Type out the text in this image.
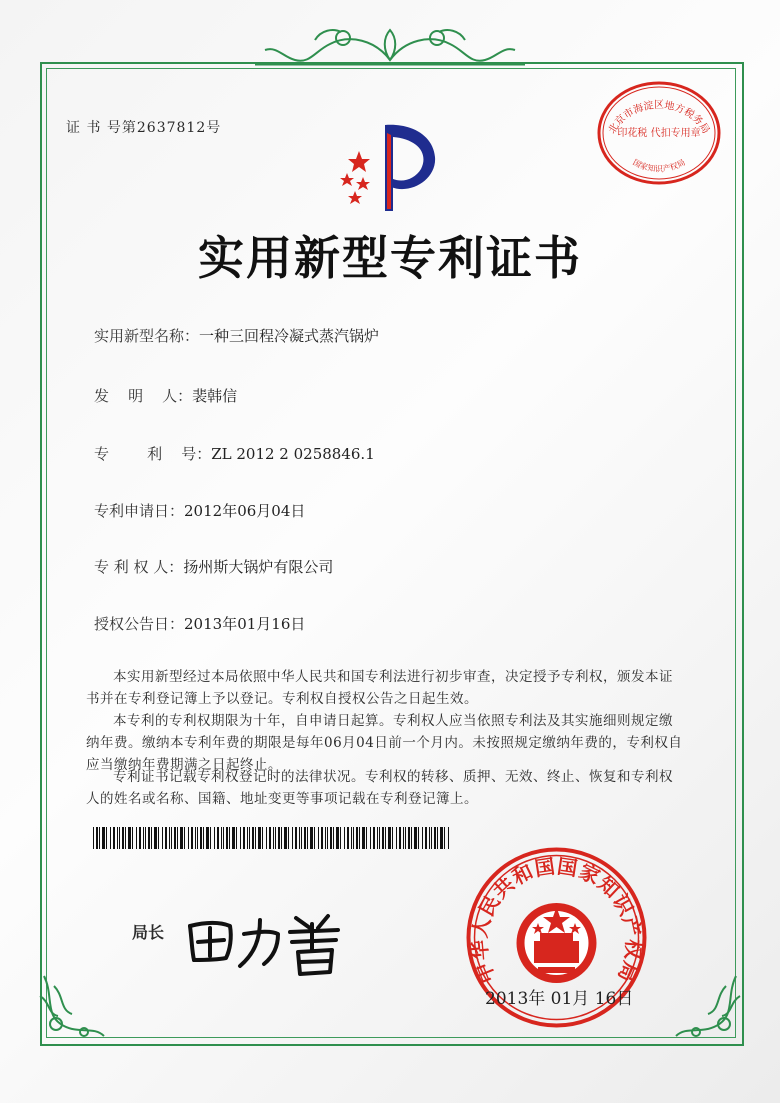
证 书 号第2637812号
实用新型专利证书
北京市海淀区地方税务局
印花税 代扣专用章
国家知识产权局
实用新型名称：一种三回程冷凝式蒸汽锅炉
发    明    人：裴韩信
专        利    号：ZL 2012 2 0258846.1
专利申请日：2012年06月04日
专 利 权 人：扬州斯大锅炉有限公司
授权公告日：2013年01月16日
本实用新型经过本局依照中华人民共和国专利法进行初步审查，决定授予专利权，颁发本证书并在专利登记簿上予以登记。专利权自授权公告之日起生效。
本专利的专利权期限为十年，自申请日起算。专利权人应当依照专利法及其实施细则规定缴纳年费。缴纳本专利年费的期限是每年06月04日前一个月内。未按照规定缴纳年费的，专利权自应当缴纳年费期满之日起终止。
专利证书记载专利权登记时的法律状况。专利权的转移、质押、无效、终止、恢复和专利权人的姓名或名称、国籍、地址变更等事项记载在专利登记簿上。
局长
中华人民共和国国家知识产权局
2013年 01月 16日
